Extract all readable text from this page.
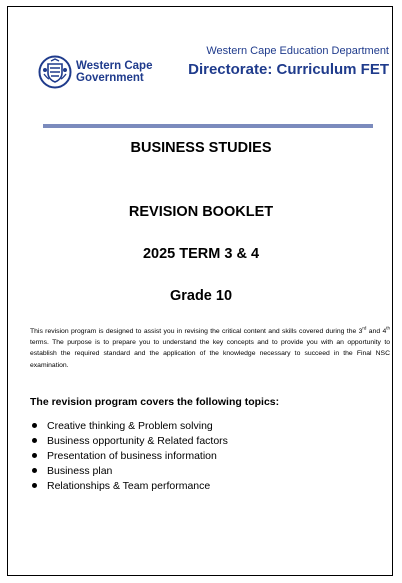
Western Cape
Government
Western Cape Education Department
Directorate: Curriculum FET
BUSINESS STUDIES
REVISION BOOKLET
2025 TERM 3 & 4
Grade 10
This revision program is designed to assist you in revising the critical content and skills covered during the 3rd and 4th terms. The purpose is to prepare you to understand the key concepts and to provide you with an opportunity to establish the required standard and the application of the knowledge necessary to succeed in the Final NSC examination.
The revision program covers the following topics:
Creative thinking & Problem solving
Business opportunity & Related factors
Presentation of business information
Business plan
Relationships & Team performance
